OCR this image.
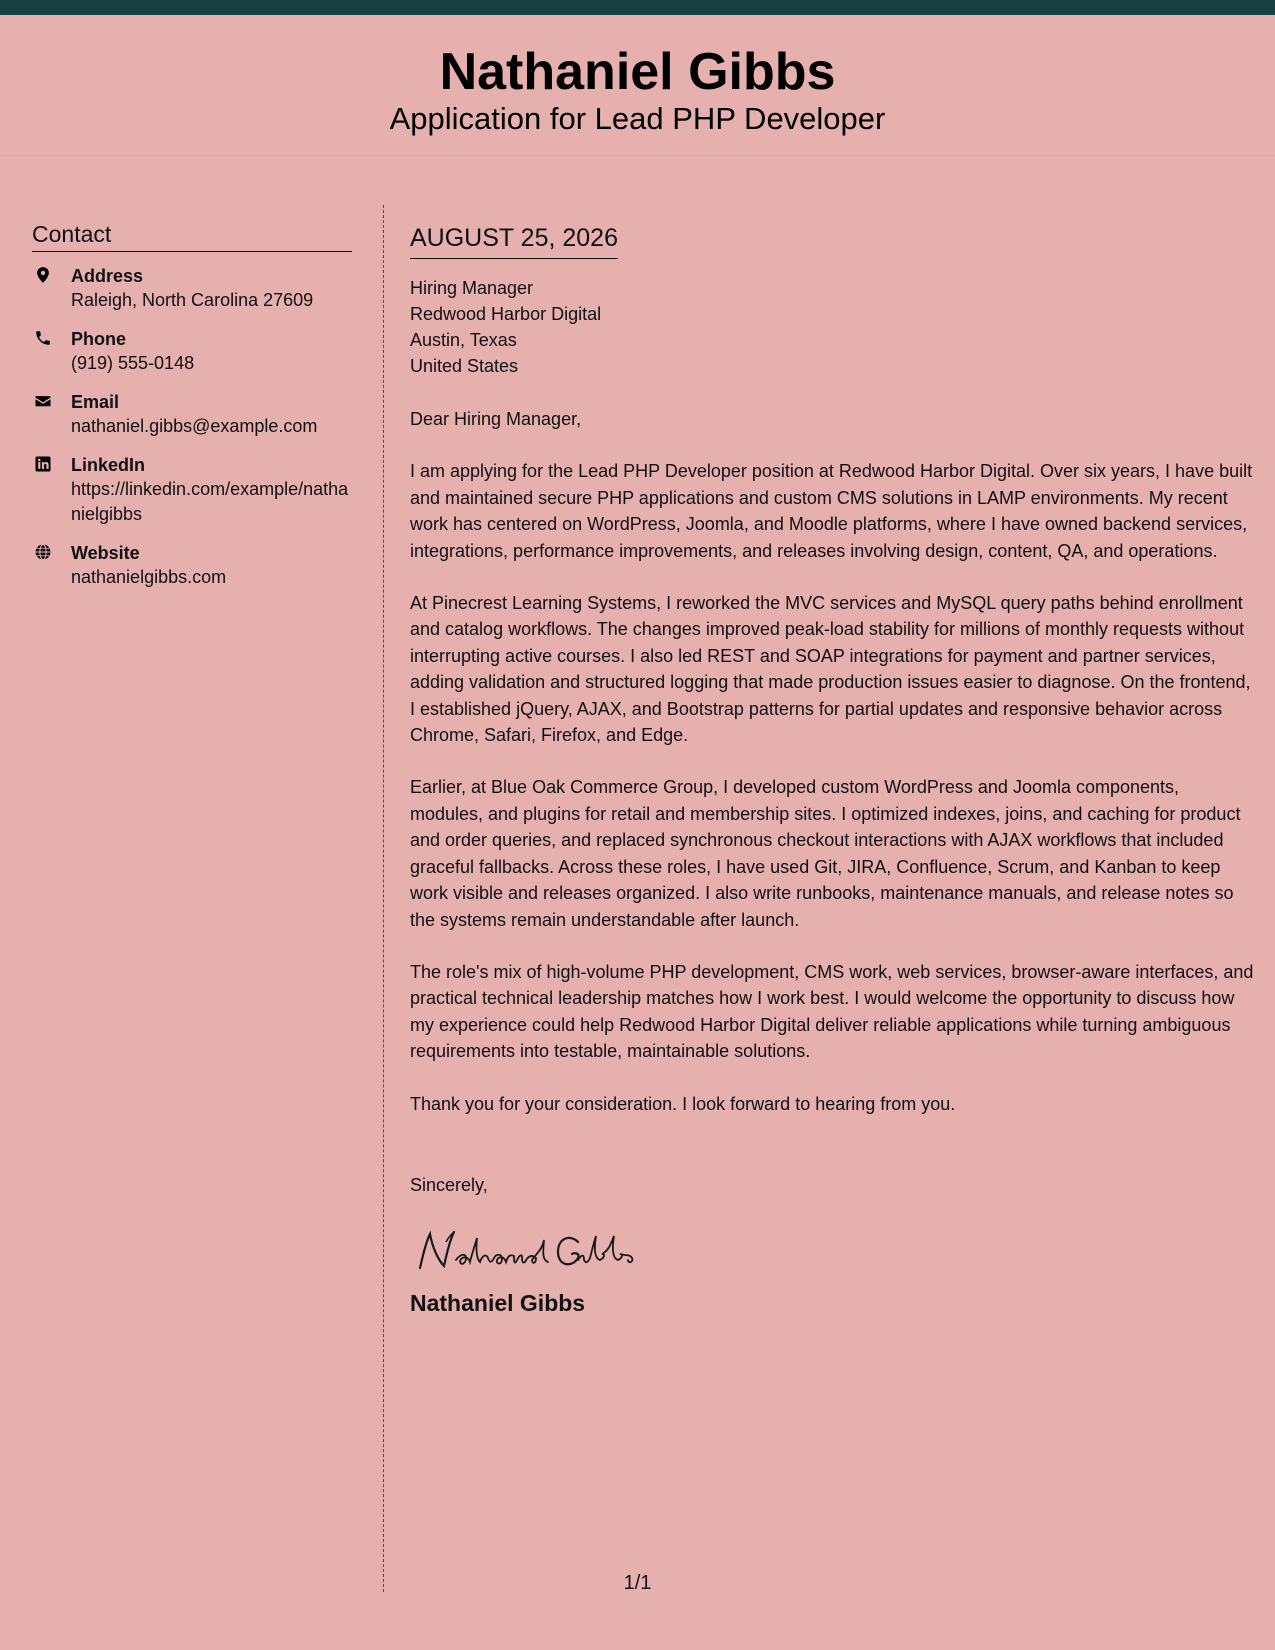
Nathaniel Gibbs
Application for Lead PHP Developer
Contact
Address
Raleigh, North Carolina 27609
Phone
(919) 555-0148
Email
nathaniel.gibbs@example.com
LinkedIn
https://linkedin.com/example/nathanielgibbs
Website
nathanielgibbs.com
AUGUST 25, 2026
Hiring Manager
Redwood Harbor Digital
Austin, Texas
United States
Dear Hiring Manager,

I am applying for the Lead PHP Developer position at Redwood Harbor Digital. Over six years, I have built and maintained secure PHP applications and custom CMS solutions in LAMP environments. My recent work has centered on WordPress, Joomla, and Moodle platforms, where I have owned backend services, integrations, performance improvements, and releases involving design, content, QA, and operations.

At Pinecrest Learning Systems, I reworked the MVC services and MySQL query paths behind enrollment and catalog workflows. The changes improved peak-load stability for millions of monthly requests without interrupting active courses. I also led REST and SOAP integrations for payment and partner services, adding validation and structured logging that made production issues easier to diagnose. On the frontend, I established jQuery, AJAX, and Bootstrap patterns for partial updates and responsive behavior across Chrome, Safari, Firefox, and Edge.

Earlier, at Blue Oak Commerce Group, I developed custom WordPress and Joomla components, modules, and plugins for retail and membership sites. I optimized indexes, joins, and caching for product and order queries, and replaced synchronous checkout interactions with AJAX workflows that included graceful fallbacks. Across these roles, I have used Git, JIRA, Confluence, Scrum, and Kanban to keep work visible and releases organized. I also write runbooks, maintenance manuals, and release notes so the systems remain understandable after launch.

The role's mix of high-volume PHP development, CMS work, web services, browser-aware interfaces, and practical technical leadership matches how I work best. I would welcome the opportunity to discuss how my experience could help Redwood Harbor Digital deliver reliable applications while turning ambiguous requirements into testable, maintainable solutions.

Thank you for your consideration. I look forward to hearing from you.

Sincerely,
Nathaniel Gibbs
1/1
